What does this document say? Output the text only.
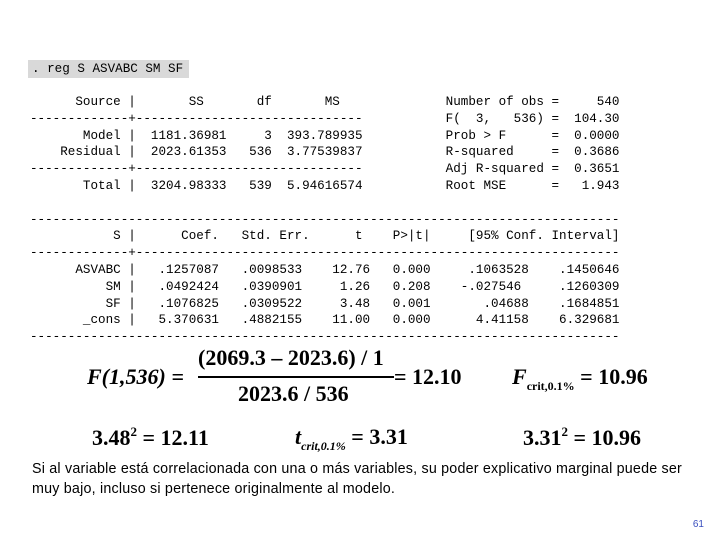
. reg S ASVABC SM SF
Source |       SS       df       MS              Number of obs =     540
-------------+------------------------------           F(  3,   536) =  104.30
Model |  1181.36981     3  393.789935           Prob > F      =  0.0000
Residual |  2023.61353   536  3.77539837           R-squared     =  0.3686
-------------+------------------------------           Adj R-squared =  0.3651
Total |  3204.98333   539  5.94616574           Root MSE      =   1.943

------------------------------------------------------------------------------
S |      Coef.   Std. Err.      t    P>|t|     [95% Conf. Interval]
-------------+----------------------------------------------------------------
ASVABC |   .1257087   .0098533    12.76   0.000     .1063528    .1450646
SM |   .0492424   .0390901     1.26   0.208    -.027546     .1260309
SF |   .1076825   .0309522     3.48   0.001       .04688    .1684851
_cons |   5.370631   .4882155    11.00   0.000      4.41158    6.329681
------------------------------------------------------------------------------
F(1,536) =
(2069.3 – 2023.6) / 1
2023.6 / 536
= 12.10 $F_{crit,0.1\%} = 10.96$
$3.48^2 = 12.11$	$t_{crit,0.1\%} = 3.31$	$3.31^2 = 10.96$
Si al variable está correlacionada con una o más variables, su poder explicativo marginal puede ser muy bajo, incluso si pertenece originalmente al modelo.
61
